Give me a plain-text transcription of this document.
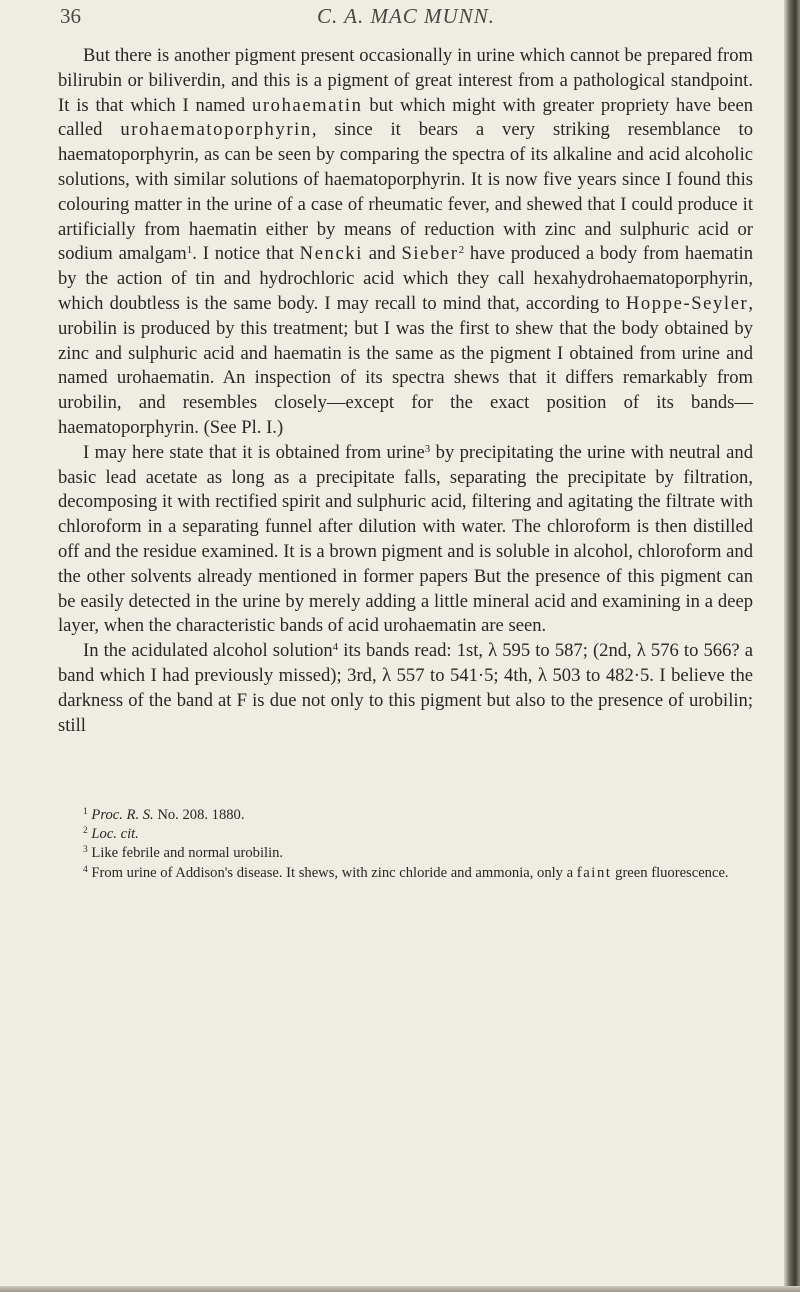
36	C. A. MAC MUNN.

But there is another pigment present occasionally in urine which cannot be prepared from bilirubin or biliverdin, and this is a pigment of great interest from a pathological standpoint. It is that which I named urohaematin but which might with greater propriety have been called urohaematoporphyrin, since it bears a very striking resemblance to haematoporphyrin, as can be seen by comparing the spectra of its alkaline and acid alcoholic solutions, with similar solutions of haematoporphyrin. It is now five years since I found this colouring matter in the urine of a case of rheumatic fever, and shewed that I could produce it artificially from haematin either by means of reduction with zinc and sulphuric acid or sodium amalgam$^1$. I notice that Nencki and Sieber$^2$ have produced a body from haematin by the action of tin and hydrochloric acid which they call hexahydrohaematoporphyrin, which doubtless is the same body. I may recall to mind that, according to Hoppe-Seyler, urobilin is produced by this treatment; but I was the first to shew that the body obtained by zinc and sulphuric acid and haematin is the same as the pigment I obtained from urine and named urohaematin. An inspection of its spectra shews that it differs remarkably from urobilin, and resembles closely—except for the exact position of its bands—haematoporphyrin. (See Pl. I.)

I may here state that it is obtained from urine$^3$ by precipitating the urine with neutral and basic lead acetate as long as a precipitate falls, separating the precipitate by filtration, decomposing it with rectified spirit and sulphuric acid, filtering and agitating the filtrate with chloroform in a separating funnel after dilution with water. The chloroform is then distilled off and the residue examined. It is a brown pigment and is soluble in alcohol, chloroform and the other solvents already mentioned in former papers But the presence of this pigment can be easily detected in the urine by merely adding a little mineral acid and examining in a deep layer, when the characteristic bands of acid urohaematin are seen.

In the acidulated alcohol solution$^4$ its bands read: 1st, λ 595 to 587; (2nd, λ 576 to 566? a band which I had previously missed); 3rd, λ 557 to 541·5; 4th, λ 503 to 482·5. I believe the darkness of the band at F is due not only to this pigment but also to the presence of urobilin; still

$^1$ Proc. R. S. No. 208. 1880.

$^2$ Loc. cit.

$^3$ Like febrile and normal urobilin.

$^4$ From urine of Addison's disease. It shews, with zinc chloride and ammonia, only a faint green fluorescence.
